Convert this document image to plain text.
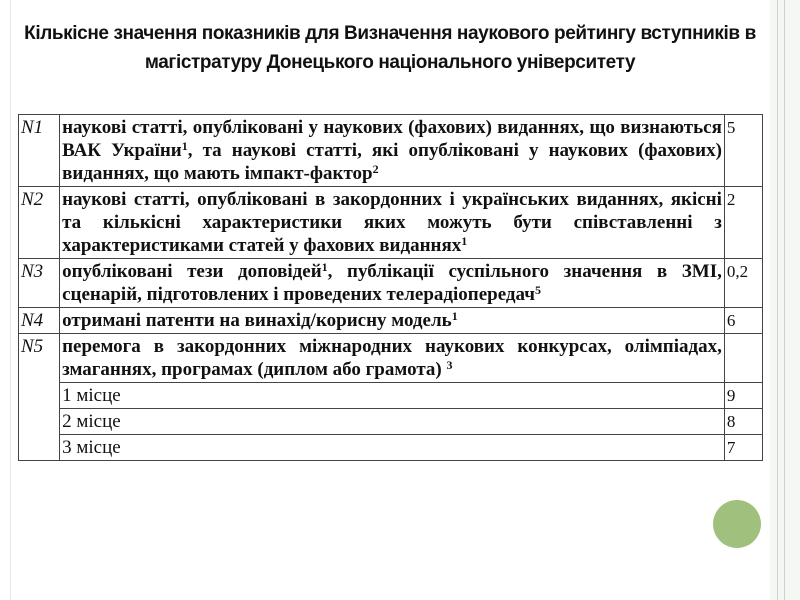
Кількісне значення показників для Визначення наукового рейтингу вступників в магістратуру Донецького національного університету
N1	наукові статті, опубліковані у наукових (фахових) виданнях, що визнаються ВАК України$^1$, та наукові статті, які опубліковані у наукових (фахових) виданнях, що мають імпакт-фактор$^2$	5
N2	наукові статті, опубліковані в закордонних і українських виданнях, якісні та кількісні характеристики яких можуть бути співставленні з характеристиками статей у фахових виданнях$^1$	2
N3	опубліковані тези доповідей$^1$, публікації суспільного значення в ЗМІ, сценарій, підготовлених і проведених телерадіопередач$^5$	0,2
N4	отримані патенти на винахід/корисну модель$^1$	6
N5	перемога в закордонних міжнародних наукових конкурсах, олімпіадах, змаганнях, програмах (диплом або грамота) $^3$	
	1 місце	9
	2 місце	8
	3 місце	7
